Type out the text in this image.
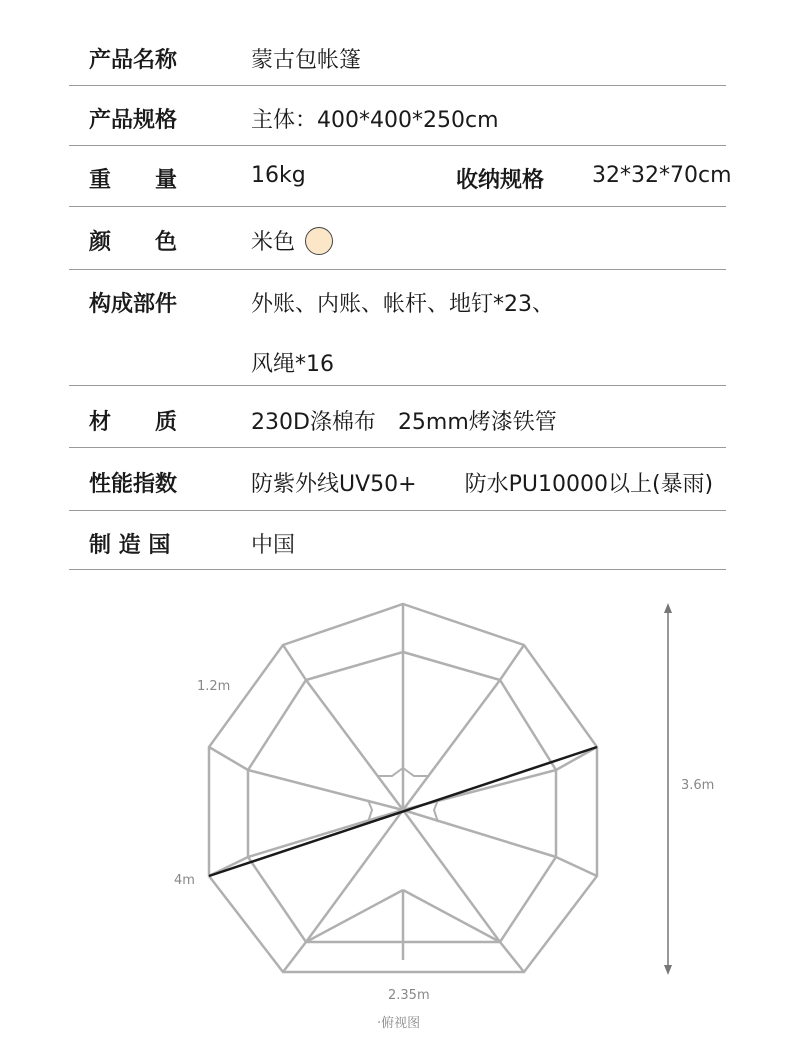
产品名称	蒙古包帐篷
产品规格	主体：400*400*250cm
重　　量	16kg	收纳规格 32*32*70cm
颜　　色	米色
构成部件	外账、内账、帐杆、地钉*23、
风绳*16
材　　质	230D涤棉布 25mm烤漆铁管
性能指数	防紫外线UV50+ 防水PU10000以上(暴雨)
制 造 国	中国
1.2m
4m
3.6m
2.35m
·俯视图
